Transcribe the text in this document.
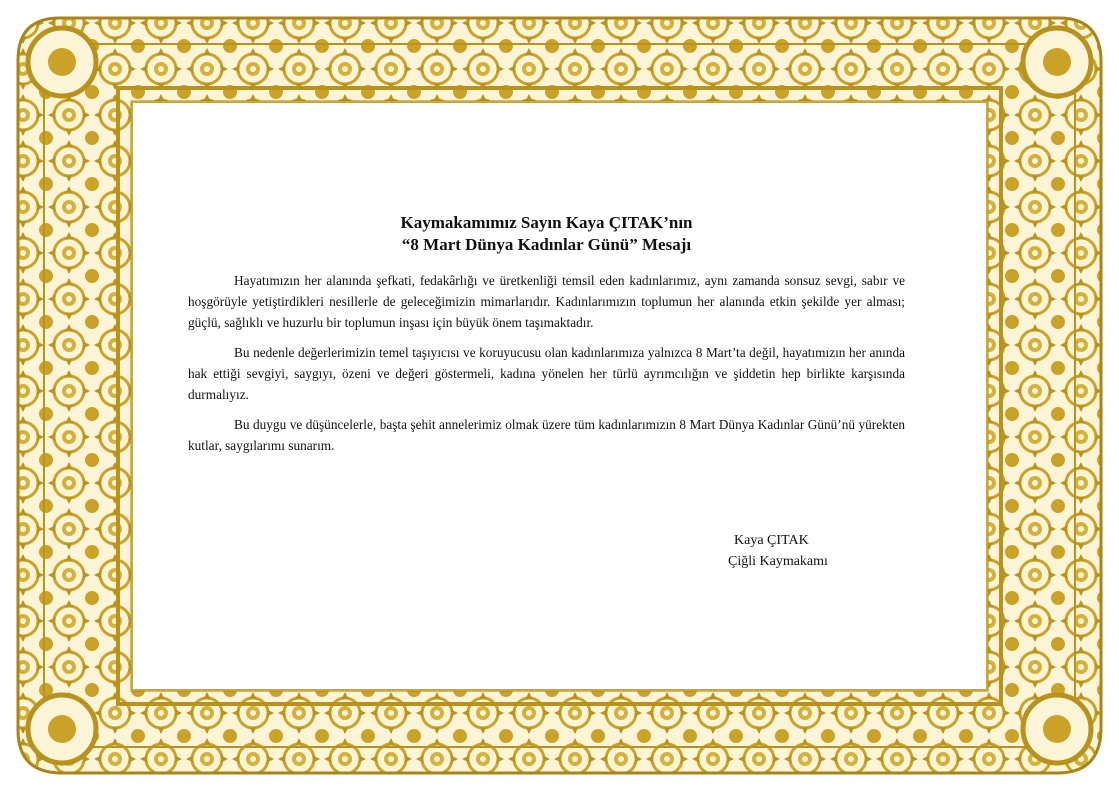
Kaymakamımız Sayın Kaya ÇITAK’nın
“8 Mart Dünya Kadınlar Günü” Mesajı

Hayatımızın her alanında şefkati, fedakârlığı ve üretkenliği temsil eden kadınlarımız, aynı zamanda sonsuz sevgi, sabır ve hoşgörüyle yetiştirdikleri nesillerle de geleceğimizin mimarlarıdır. Kadınlarımızın toplumun her alanında etkin şekilde yer alması; güçlü, sağlıklı ve huzurlu bir toplumun inşası için büyük önem taşımaktadır.

Bu nedenle değerlerimizin temel taşıyıcısı ve koruyucusu olan kadınlarımıza yalnızca 8 Mart’ta değil, hayatımızın her anında hak ettiği sevgiyi, saygıyı, özeni ve değeri göstermeli, kadına yönelen her türlü ayrımcılığın ve şiddetin hep birlikte karşısında durmalıyız.

Bu duygu ve düşüncelerle, başta şehit annelerimiz olmak üzere tüm kadınlarımızın 8 Mart Dünya Kadınlar Günü’nü yürekten kutlar, saygılarımı sunarım.

Kaya ÇITAK
Çiğli Kaymakamı
